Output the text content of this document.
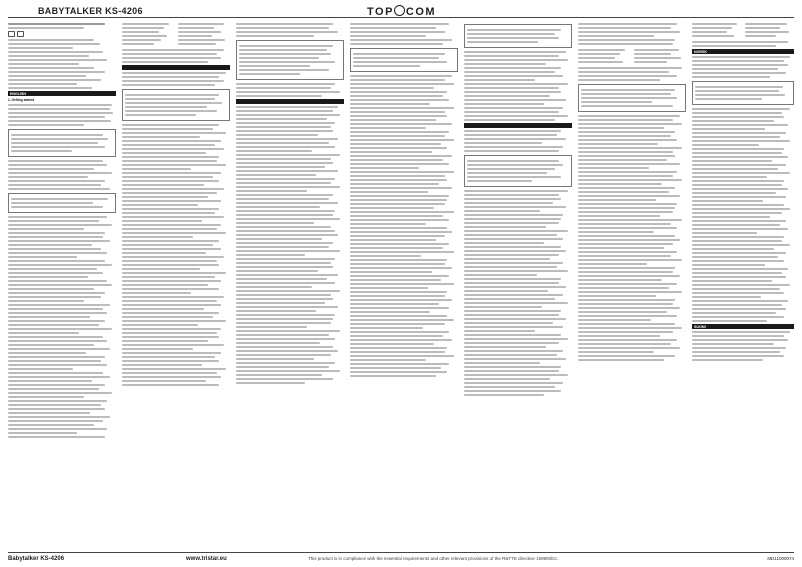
BABYTALKER KS-4206	TOP COM
ENGLISH
1. Getting started

NORSK
SUOMI
Babytalker KS-4206	www.tristar.eu	This product is in compliance with the essential requirements and other relevant provisions of the R&TTE directive 1999/5/EC.	MD11000074
